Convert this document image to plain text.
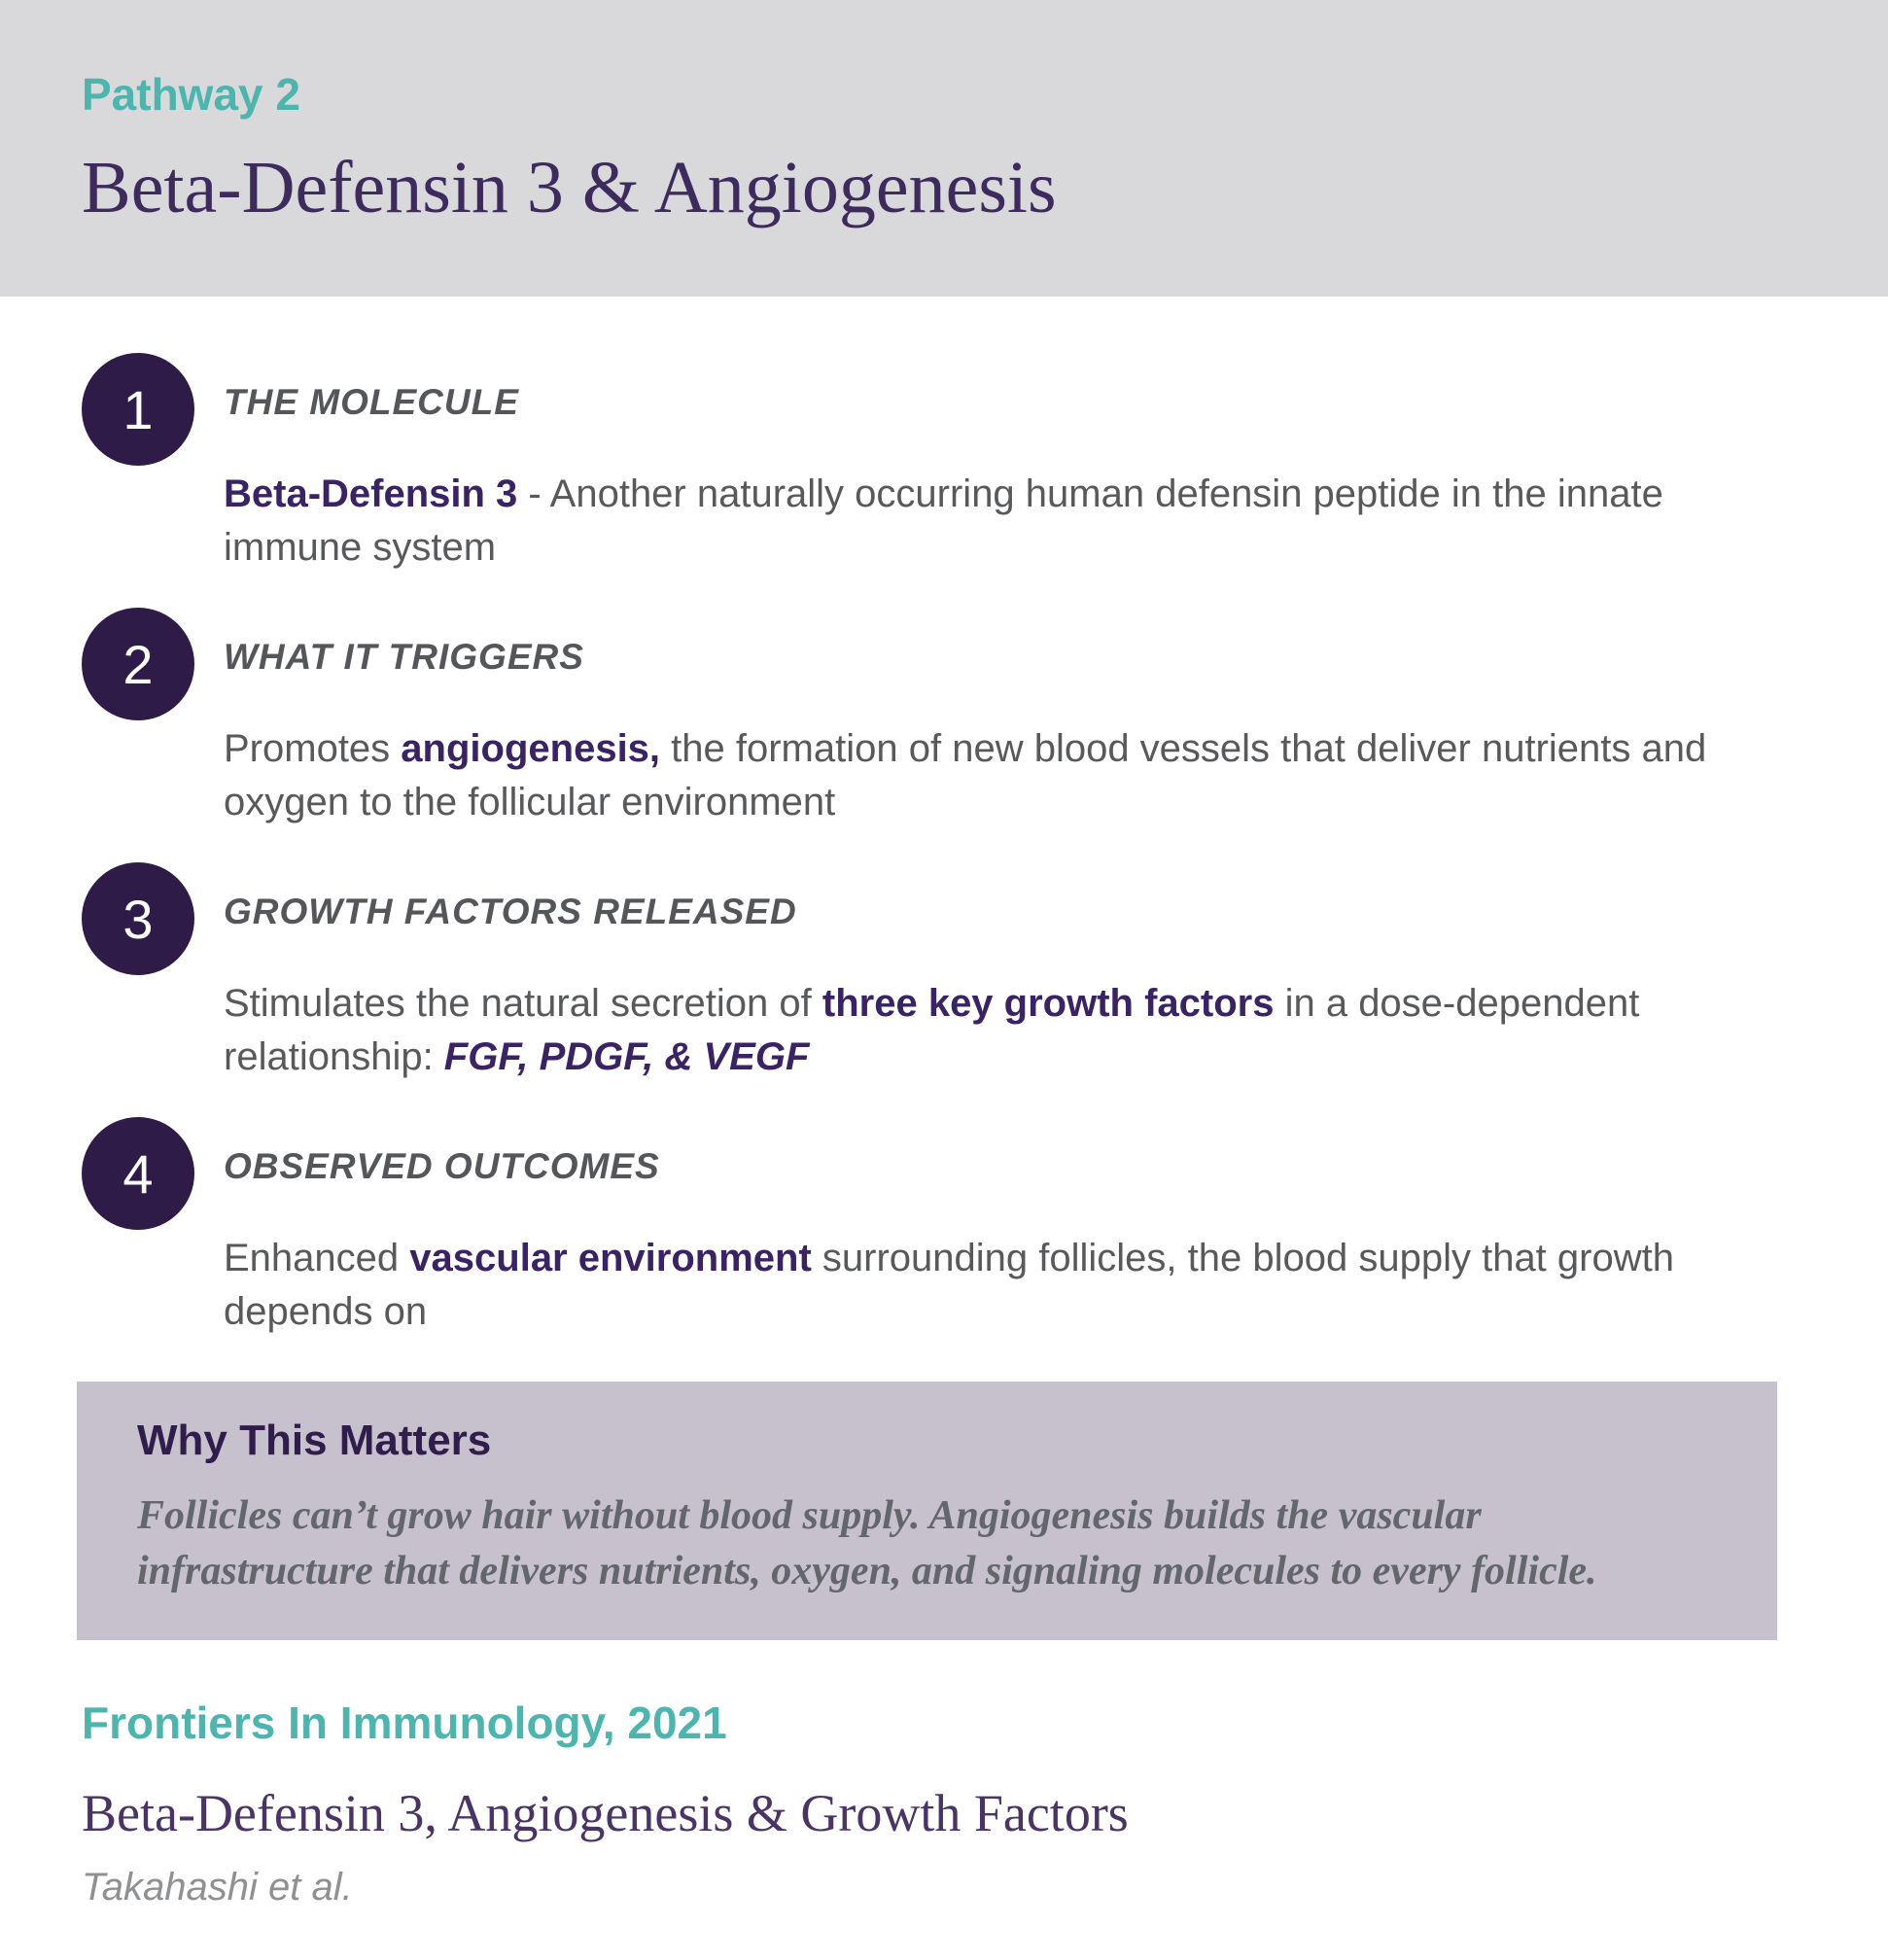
Pathway 2
Beta-Defensin 3 & Angiogenesis
1	THE MOLECULE

Beta-Defensin 3 - Another naturally occurring human defensin peptide in the innate immune system

2	WHAT IT TRIGGERS

Promotes angiogenesis, the formation of new blood vessels that deliver nutrients and oxygen to the follicular environment

3	GROWTH FACTORS RELEASED

Stimulates the natural secretion of three key growth factors in a dose-dependent relationship: FGF, PDGF, & VEGF

4	OBSERVED OUTCOMES

Enhanced vascular environment surrounding follicles, the blood supply that growth depends on

Why This Matters

Follicles can’t grow hair without blood supply. Angiogenesis builds the vascular infrastructure that delivers nutrients, oxygen, and signaling molecules to every follicle.

Frontiers In Immunology, 2021
Beta-Defensin 3, Angiogenesis & Growth Factors
Takahashi et al.
